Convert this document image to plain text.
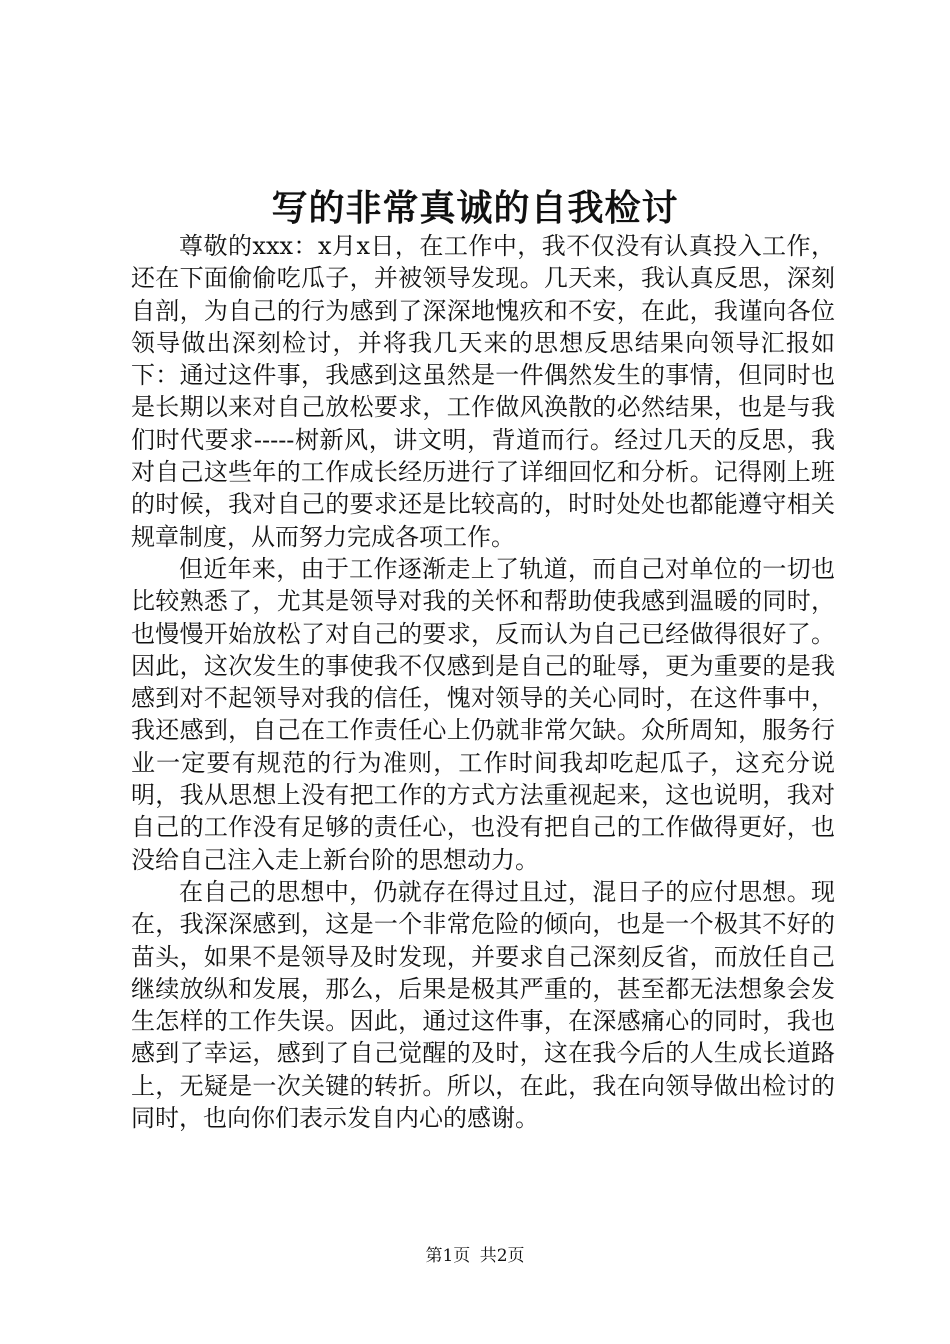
写的非常真诚的自我检讨

尊敬的xxx：x月x日，在工作中，我不仅没有认真投入工作，还在下面偷偷吃瓜子，并被领导发现。几天来，我认真反思，深刻自剖，为自己的行为感到了深深地愧疚和不安，在此，我谨向各位领导做出深刻检讨，并将我几天来的思想反思结果向领导汇报如下：通过这件事，我感到这虽然是一件偶然发生的事情，但同时也是长期以来对自己放松要求，工作做风涣散的必然结果，也是与我们时代要求-----树新风，讲文明，背道而行。经过几天的反思，我对自己这些年的工作成长经历进行了详细回忆和分析。记得刚上班的时候，我对自己的要求还是比较高的，时时处处也都能遵守相关规章制度，从而努力完成各项工作。

但近年来，由于工作逐渐走上了轨道，而自己对单位的一切也比较熟悉了，尤其是领导对我的关怀和帮助使我感到温暖的同时，也慢慢开始放松了对自己的要求，反而认为自己已经做得很好了。因此，这次发生的事使我不仅感到是自己的耻辱，更为重要的是我感到对不起领导对我的信任，愧对领导的关心同时，在这件事中，我还感到，自己在工作责任心上仍就非常欠缺。众所周知，服务行业一定要有规范的行为准则，工作时间我却吃起瓜子，这充分说明，我从思想上没有把工作的方式方法重视起来，这也说明，我对自己的工作没有足够的责任心，也没有把自己的工作做得更好，也没给自己注入走上新台阶的思想动力。

在自己的思想中，仍就存在得过且过，混日子的应付思想。现在，我深深感到，这是一个非常危险的倾向，也是一个极其不好的苗头，如果不是领导及时发现，并要求自己深刻反省，而放任自己继续放纵和发展，那么，后果是极其严重的，甚至都无法想象会发生怎样的工作失误。因此，通过这件事，在深感痛心的同时，我也感到了幸运，感到了自己觉醒的及时，这在我今后的人生成长道路上，无疑是一次关键的转折。所以，在此，我在向领导做出检讨的同时，也向你们表示发自内心的感谢。

第1页 共2页
